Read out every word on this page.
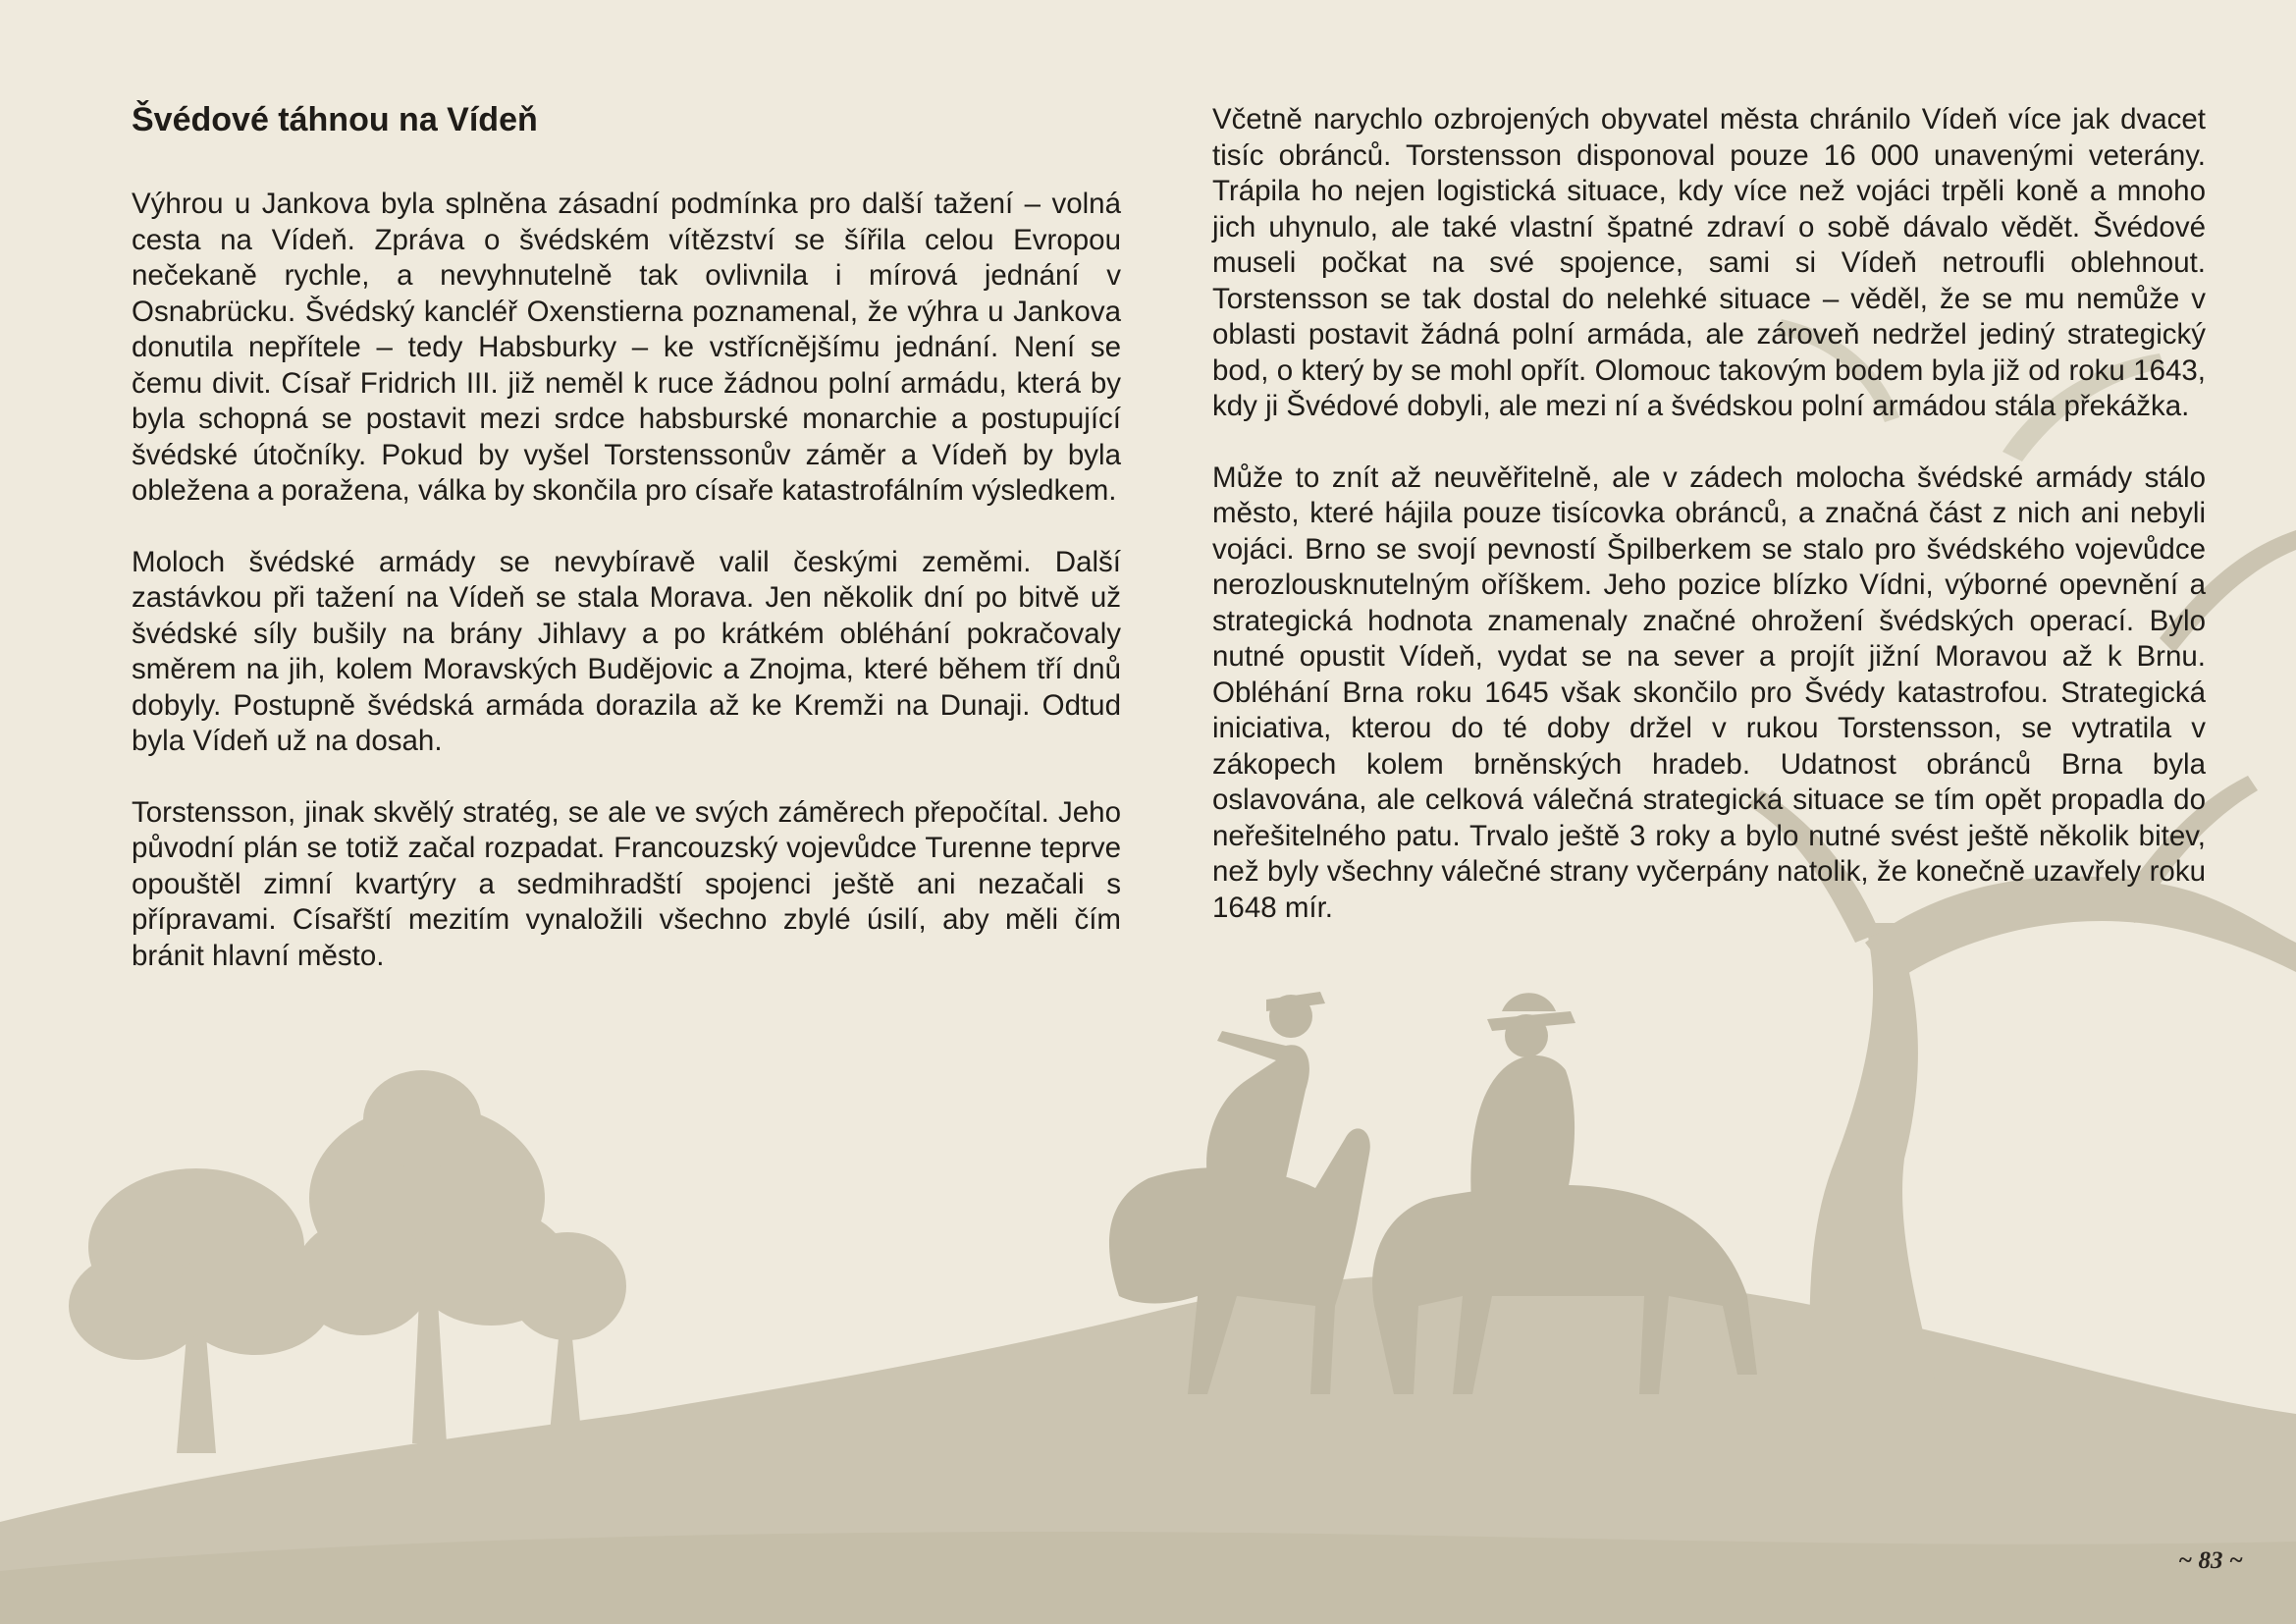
Švédové táhnou na Vídeň

Výhrou u Jankova byla splněna zásadní podmínka pro další tažení – volná cesta na Vídeň. Zpráva o švédském vítězství se šířila celou Evropou nečekaně rychle, a nevyhnutelně tak ovlivnila i mírová jednání v Osnabrücku. Švédský kancléř Oxenstierna poznamenal, že výhra u Jankova donutila nepřítele – tedy Habsburky – ke vstřícnějšímu jednání. Není se čemu divit. Císař Fridrich III. již neměl k ruce žádnou polní armádu, která by byla schopná se postavit mezi srdce habsburské monarchie a postupující švédské útočníky. Pokud by vyšel Torstenssonův záměr a Vídeň by byla obležena a poražena, válka by skončila pro císaře katastrofálním výsledkem.

Moloch švédské armády se nevybíravě valil českými zeměmi. Další zastávkou při tažení na Vídeň se stala Morava. Jen několik dní po bitvě už švédské síly bušily na brány Jihlavy a po krátkém obléhání pokračovaly směrem na jih, kolem Moravských Budějovic a Znojma, které během tří dnů dobyly. Postupně švédská armáda dorazila až ke Kremži na Dunaji. Odtud byla Vídeň už na dosah.

Torstensson, jinak skvělý stratég, se ale ve svých záměrech přepočítal. Jeho původní plán se totiž začal rozpadat. Francouzský vojevůdce Turenne teprve opouštěl zimní kvartýry a sedmihradští spojenci ještě ani nezačali s přípravami. Císařští mezitím vynaložili všechno zbylé úsilí, aby měli čím bránit hlavní město.

Včetně narychlo ozbrojených obyvatel města chránilo Vídeň více jak dvacet tisíc obránců. Torstensson disponoval pouze 16 000 unavenými veterány. Trápila ho nejen logistická situace, kdy více než vojáci trpěli koně a mnoho jich uhynulo, ale také vlastní špatné zdraví o sobě dávalo vědět. Švédové museli počkat na své spojence, sami si Vídeň netroufli oblehnout. Torstensson se tak dostal do nelehké situace – věděl, že se mu nemůže v oblasti postavit žádná polní armáda, ale zároveň nedržel jediný strategický bod, o který by se mohl opřít. Olomouc takovým bodem byla již od roku 1643, kdy ji Švédové dobyli, ale mezi ní a švédskou polní armádou stála překážka.

Může to znít až neuvěřitelně, ale v zádech molocha švédské armády stálo město, které hájila pouze tisícovka obránců, a značná část z nich ani nebyli vojáci. Brno se svojí pevností Špilberkem se stalo pro švédského vojevůdce nerozlousknutelným oříškem. Jeho pozice blízko Vídni, výborné opevnění a strategická hodnota znamenaly značné ohrožení švédských operací. Bylo nutné opustit Vídeň, vydat se na sever a projít jižní Moravou až k Brnu. Obléhání Brna roku 1645 však skončilo pro Švédy katastrofou. Strategická iniciativa, kterou do té doby držel v rukou Torstensson, se vytratila v zákopech kolem brněnských hradeb. Udatnost obránců Brna byla oslavována, ale celková válečná strategická situace se tím opět propadla do neřešitelného patu. Trvalo ještě 3 roky a bylo nutné svést ještě několik bitev, než byly všechny válečné strany vyčerpány natolik, že konečně uzavřely roku 1648 mír.

~ 83 ~
